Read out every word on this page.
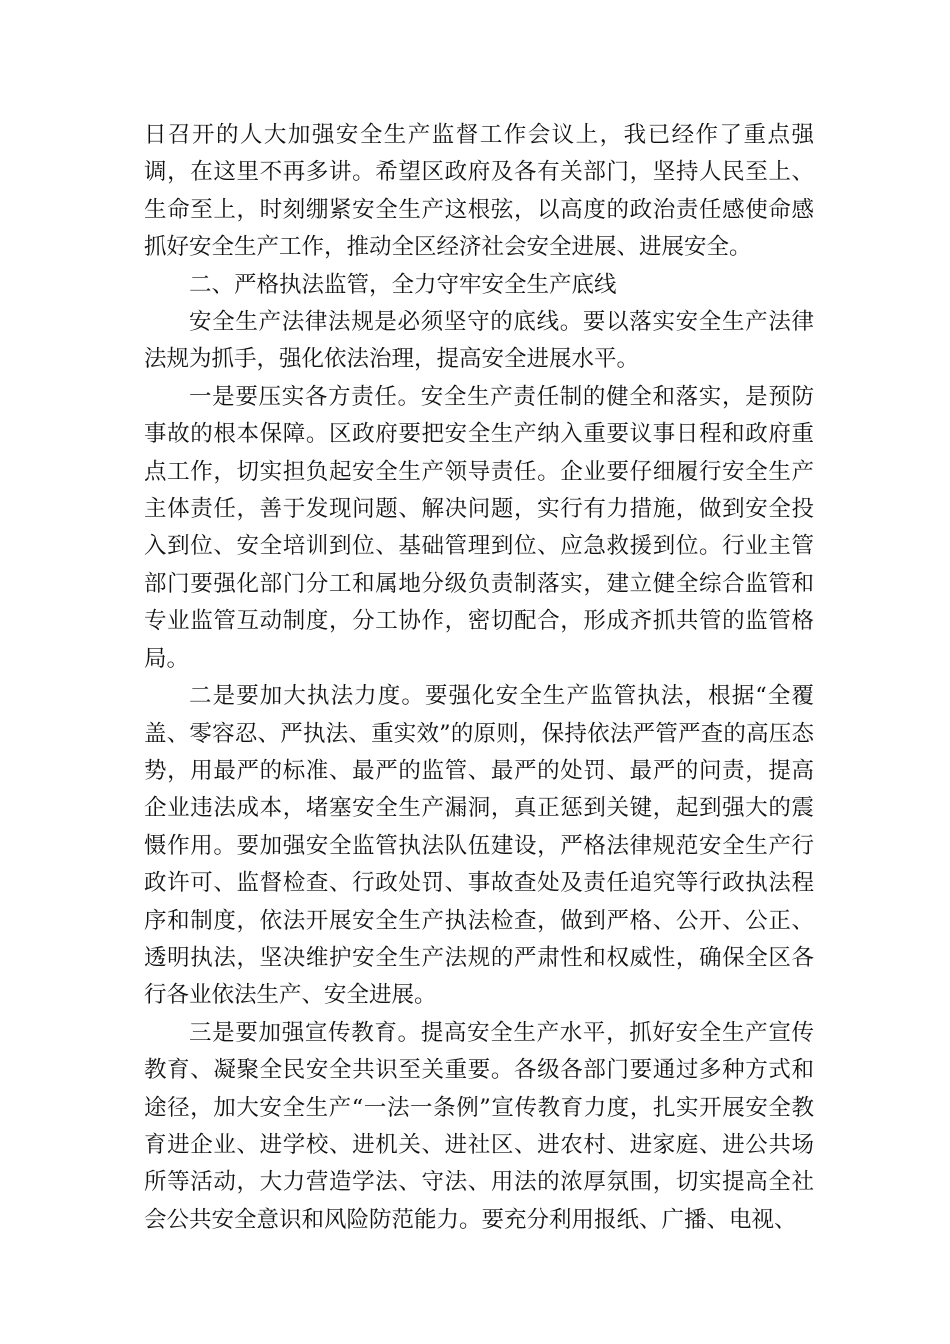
日召开的人大加强安全生产监督工作会议上，我已经作了重点强调，在这里不再多讲。希望区政府及各有关部门，坚持人民至上、生命至上，时刻绷紧安全生产这根弦，以高度的政治责任感使命感抓好安全生产工作，推动全区经济社会安全进展、进展安全。

二、严格执法监管，全力守牢安全生产底线

安全生产法律法规是必须坚守的底线。要以落实安全生产法律法规为抓手，强化依法治理，提高安全进展水平。

一是要压实各方责任。安全生产责任制的健全和落实，是预防事故的根本保障。区政府要把安全生产纳入重要议事日程和政府重点工作，切实担负起安全生产领导责任。企业要仔细履行安全生产主体责任，善于发现问题、解决问题，实行有力措施，做到安全投入到位、安全培训到位、基础管理到位、应急救援到位。行业主管部门要强化部门分工和属地分级负责制落实，建立健全综合监管和专业监管互动制度，分工协作，密切配合，形成齐抓共管的监管格局。

二是要加大执法力度。要强化安全生产监管执法，根据“全覆盖、零容忍、严执法、重实效”的原则，保持依法严管严查的高压态势，用最严的标准、最严的监管、最严的处罚、最严的问责，提高企业违法成本，堵塞安全生产漏洞，真正惩到关键，起到强大的震慑作用。要加强安全监管执法队伍建设，严格法律规范安全生产行政许可、监督检查、行政处罚、事故查处及责任追究等行政执法程序和制度，依法开展安全生产执法检查，做到严格、公开、公正、透明执法，坚决维护安全生产法规的严肃性和权威性，确保全区各行各业依法生产、安全进展。

三是要加强宣传教育。提高安全生产水平，抓好安全生产宣传教育、凝聚全民安全共识至关重要。各级各部门要通过多种方式和途径，加大安全生产“一法一条例”宣传教育力度，扎实开展安全教育进企业、进学校、进机关、进社区、进农村、进家庭、进公共场所等活动，大力营造学法、守法、用法的浓厚氛围，切实提高全社会公共安全意识和风险防范能力。要充分利用报纸、广播、电视、
